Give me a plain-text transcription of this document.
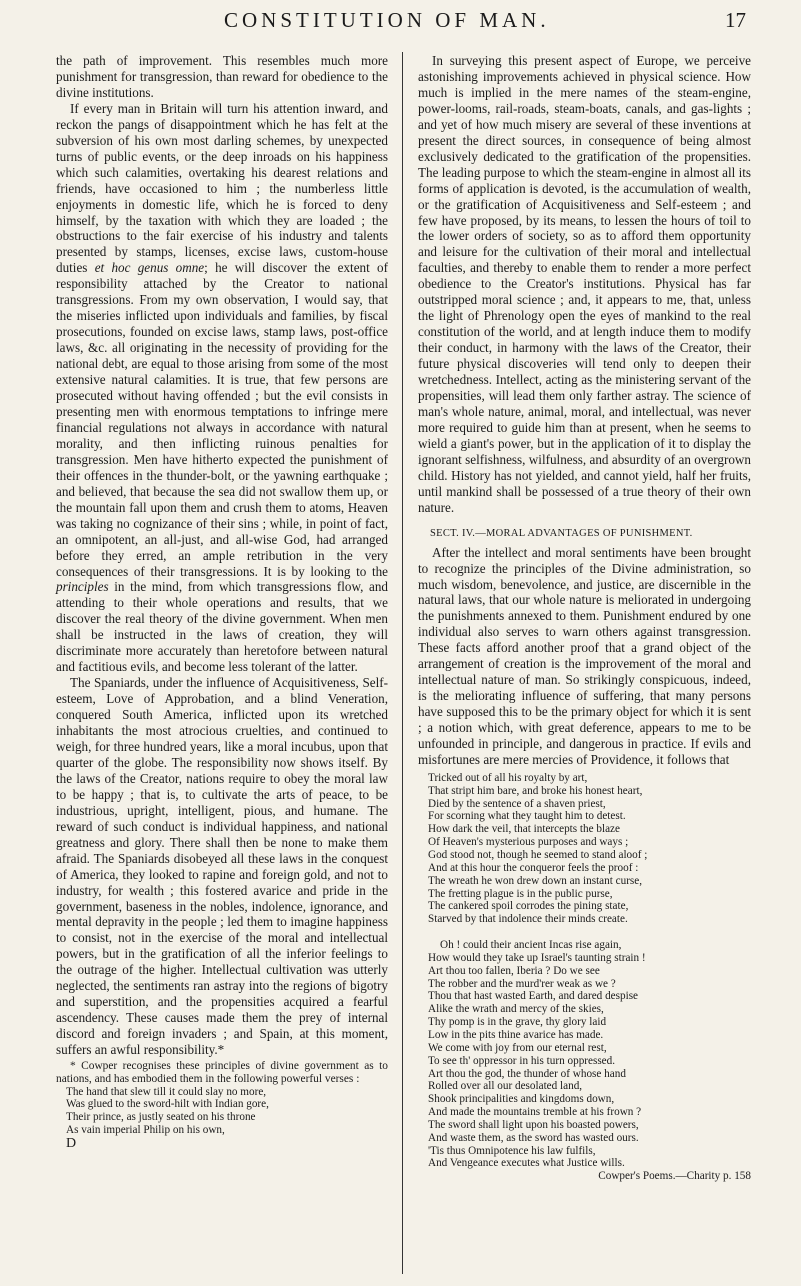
CONSTITUTION OF MAN.	17

the path of improvement. This resembles much more punishment for transgression, than reward for obedience to the divine institutions.

If every man in Britain will turn his attention inward, and reckon the pangs of disappointment which he has felt at the subversion of his own most darling schemes, by unexpected turns of public events, or the deep inroads on his happiness which such calamities, overtaking his dearest relations and friends, have occasioned to him ; the numberless little enjoyments in domestic life, which he is forced to deny himself, by the taxation with which they are loaded ; the obstructions to the fair exercise of his industry and talents presented by stamps, licenses, excise laws, custom-house duties et hoc genus omne; he will discover the extent of responsibility attached by the Creator to national transgressions. From my own observation, I would say, that the miseries inflicted upon individuals and families, by fiscal prosecutions, founded on excise laws, stamp laws, post-office laws, &c. all originating in the necessity of providing for the national debt, are equal to those arising from some of the most extensive natural calamities. It is true, that few persons are prosecuted without having offended ; but the evil consists in presenting men with enormous temptations to infringe mere financial regulations not always in accordance with natural morality, and then inflicting ruinous penalties for transgression. Men have hitherto expected the punishment of their offences in the thunder-bolt, or the yawning earthquake ; and believed, that because the sea did not swallow them up, or the mountain fall upon them and crush them to atoms, Heaven was taking no cognizance of their sins ; while, in point of fact, an omnipotent, an all-just, and all-wise God, had arranged before they erred, an ample retribution in the very consequences of their transgressions. It is by looking to the principles in the mind, from which transgressions flow, and attending to their whole operations and results, that we discover the real theory of the divine government. When men shall be instructed in the laws of creation, they will discriminate more accurately than heretofore between natural and factitious evils, and become less tolerant of the latter.

The Spaniards, under the influence of Acquisitiveness, Self-esteem, Love of Approbation, and a blind Veneration, conquered South America, inflicted upon its wretched inhabitants the most atrocious cruelties, and continued to weigh, for three hundred years, like a moral incubus, upon that quarter of the globe. The responsibility now shows itself. By the laws of the Creator, nations require to obey the moral law to be happy ; that is, to cultivate the arts of peace, to be industrious, upright, intelligent, pious, and humane. The reward of such conduct is individual happiness, and national greatness and glory. There shall then be none to make them afraid. The Spaniards disobeyed all these laws in the conquest of America, they looked to rapine and foreign gold, and not to industry, for wealth ; this fostered avarice and pride in the government, baseness in the nobles, indolence, ignorance, and mental depravity in the people ; led them to imagine happiness to consist, not in the exercise of the moral and intellectual powers, but in the gratification of all the inferior feelings to the outrage of the higher. Intellectual cultivation was utterly neglected, the sentiments ran astray into the regions of bigotry and superstition, and the propensities acquired a fearful ascendency. These causes made them the prey of internal discord and foreign invaders ; and Spain, at this moment, suffers an awful responsibility.*

* Cowper recognises these principles of divine government as to nations, and has embodied them in the following powerful verses :
The hand that slew till it could slay no more,
Was glued to the sword-hilt with Indian gore,
Their prince, as justly seated on his throne
As vain imperial Philip on his own,
D

In surveying this present aspect of Europe, we perceive astonishing improvements achieved in physical science. How much is implied in the mere names of the steam-engine, power-looms, rail-roads, steam-boats, canals, and gas-lights ; and yet of how much misery are several of these inventions at present the direct sources, in consequence of being almost exclusively dedicated to the gratification of the propensities. The leading purpose to which the steam-engine in almost all its forms of application is devoted, is the accumulation of wealth, or the gratification of Acquisitiveness and Self-esteem ; and few have proposed, by its means, to lessen the hours of toil to the lower orders of society, so as to afford them opportunity and leisure for the cultivation of their moral and intellectual faculties, and thereby to enable them to render a more perfect obedience to the Creator's institutions. Physical has far outstripped moral science ; and, it appears to me, that, unless the light of Phrenology open the eyes of mankind to the real constitution of the world, and at length induce them to modify their conduct, in harmony with the laws of the Creator, their future physical discoveries will tend only to deepen their wretchedness. Intellect, acting as the ministering servant of the propensities, will lead them only farther astray. The science of man's whole nature, animal, moral, and intellectual, was never more required to guide him than at present, when he seems to wield a giant's power, but in the application of it to display the ignorant selfishness, wilfulness, and absurdity of an overgrown child. History has not yielded, and cannot yield, half her fruits, until mankind shall be possessed of a true theory of their own nature.

SECT. IV.—MORAL ADVANTAGES OF PUNISHMENT.

After the intellect and moral sentiments have been brought to recognize the principles of the Divine administration, so much wisdom, benevolence, and justice, are discernible in the natural laws, that our whole nature is meliorated in undergoing the punishments annexed to them. Punishment endured by one individual also serves to warn others against transgression. These facts afford another proof that a grand object of the arrangement of creation is the improvement of the moral and intellectual nature of man. So strikingly conspicuous, indeed, is the meliorating influence of suffering, that many persons have supposed this to be the primary object for which it is sent ; a notion which, with great deference, appears to me to be unfounded in principle, and dangerous in practice. If evils and misfortunes are mere mercies of Providence, it follows that

Tricked out of all his royalty by art,
That stript him bare, and broke his honest heart,
Died by the sentence of a shaven priest,
For scorning what they taught him to detest.
How dark the veil, that intercepts the blaze
Of Heaven's mysterious purposes and ways ;
God stood not, though he seemed to stand aloof ;
And at this hour the conqueror feels the proof :
The wreath he won drew down an instant curse,
The fretting plague is in the public purse,
The cankered spoil corrodes the pining state,
Starved by that indolence their minds create.
Oh ! could their ancient Incas rise again,
How would they take up Israel's taunting strain !
Art thou too fallen, Iberia ? Do we see
The robber and the murd'rer weak as we ?
Thou that hast wasted Earth, and dared despise
Alike the wrath and mercy of the skies,
Thy pomp is in the grave, thy glory laid
Low in the pits thine avarice has made.
We come with joy from our eternal rest,
To see th' oppressor in his turn oppressed.
Art thou the god, the thunder of whose hand
Rolled over all our desolated land,
Shook principalities and kingdoms down,
And made the mountains tremble at his frown ?
The sword shall light upon his boasted powers,
And waste them, as the sword has wasted ours.
'Tis thus Omnipotence his law fulfils,
And Vengeance executes what Justice wills.
Cowper's Poems.—Charity p. 158
